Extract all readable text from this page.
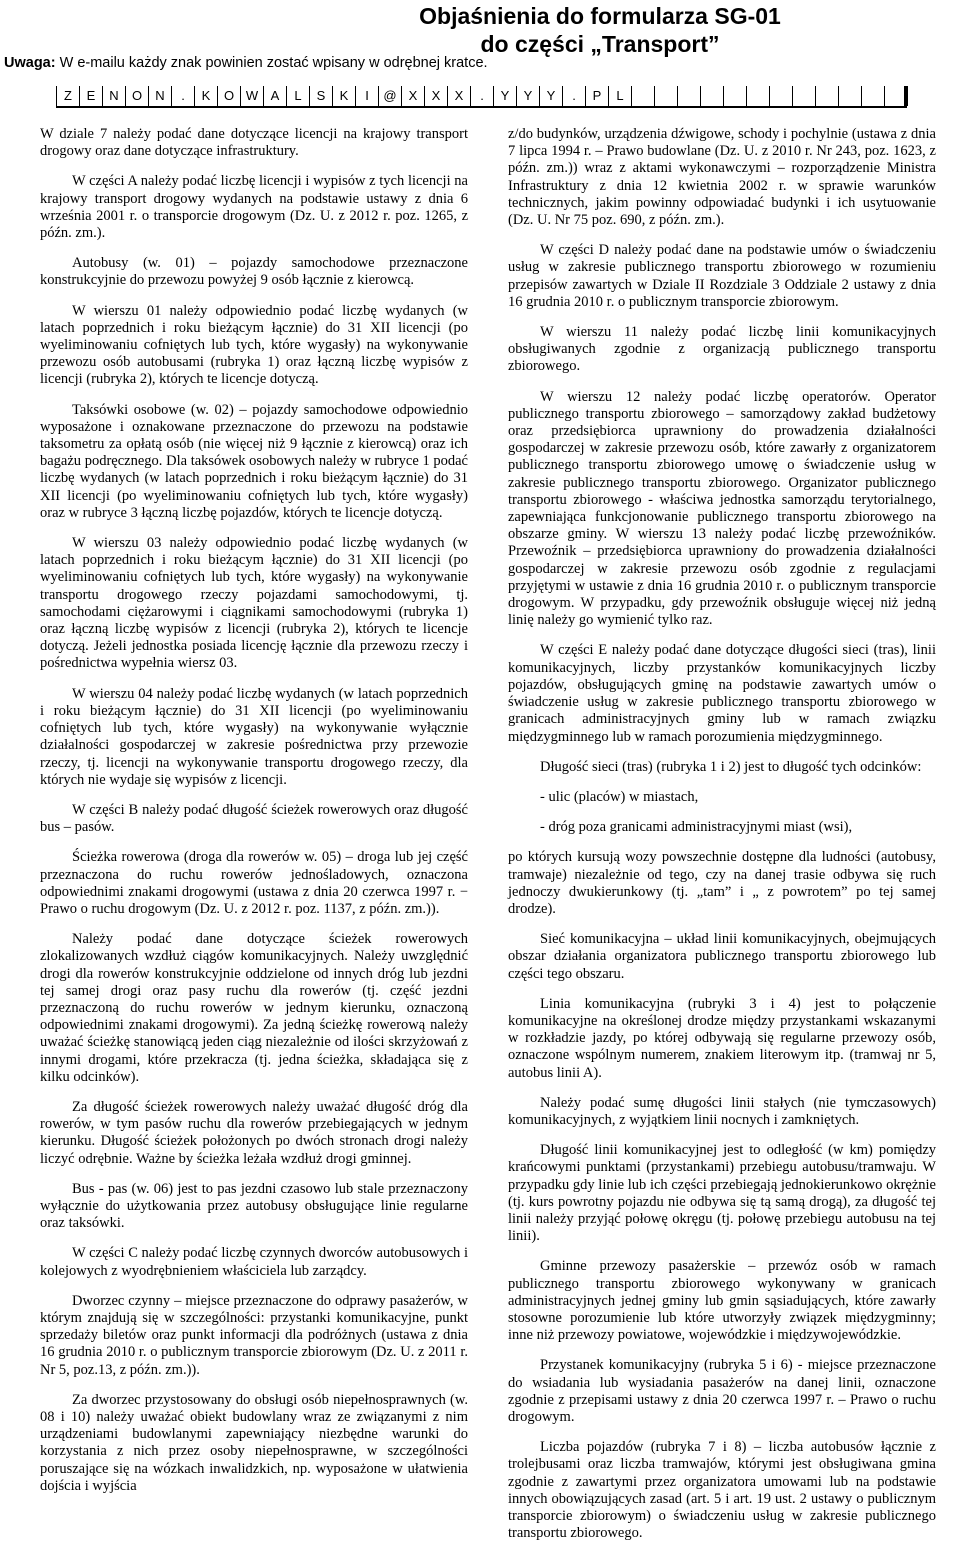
Objaśnienia do formularza SG-01
do części „Transport”
Uwaga: W e-mailu każdy znak powinien zostać wpisany w odrębnej kratce.
Z	E	N	O	N	.	K	O W A	L	S	K	I	@ X	X	X	.	Y	Y	Y	.	P	L

W dziale 7 należy podać dane dotyczące licencji na krajowy transport drogowy oraz dane dotyczące infrastruktury.

W części A należy podać liczbę licencji i wypisów z tych licencji na krajowy transport drogowy wydanych na podstawie ustawy z dnia 6 września 2001 r. o transporcie drogowym (Dz. U. z 2012 r. poz. 1265, z późn. zm.).

Autobusy (w. 01) – pojazdy samochodowe przeznaczone konstrukcyjnie do przewozu powyżej 9 osób łącznie z kierowcą.

W wierszu 01 należy odpowiednio podać liczbę wydanych (w latach poprzednich i roku bieżącym łącznie) do 31 XII licencji (po wyeliminowaniu cofniętych lub tych, które wygasły) na wykonywanie przewozu osób autobusami (rubryka 1) oraz łączną liczbę wypisów z licencji (rubryka 2), których te licencje dotyczą.

Taksówki osobowe (w. 02) – pojazdy samochodowe odpowiednio wyposażone i oznakowane przeznaczone do przewozu na podstawie taksometru za opłatą osób (nie więcej niż 9 łącznie z kierowcą) oraz ich bagażu podręcznego. Dla taksówek osobowych należy w rubryce 1 podać liczbę wydanych (w latach poprzednich i roku bieżącym łącznie) do 31 XII licencji (po wyeliminowaniu cofniętych lub tych, które wygasły) oraz w rubryce 3 łączną liczbę pojazdów, których te licencje dotyczą.

W wierszu 03 należy odpowiednio podać liczbę wydanych (w latach poprzednich i roku bieżącym łącznie) do 31 XII licencji (po wyeliminowaniu cofniętych lub tych, które wygasły) na wykonywanie transportu drogowego rzeczy pojazdami samochodowymi, tj. samochodami ciężarowymi i ciągnikami samochodowymi (rubryka 1) oraz łączną liczbę wypisów z licencji (rubryka 2), których te licencje dotyczą. Jeżeli jednostka posiada licencję łącznie dla przewozu rzeczy i pośrednictwa wypełnia wiersz 03.

W wierszu 04 należy podać liczbę wydanych (w latach poprzednich i roku bieżącym łącznie) do 31 XII licencji (po wyeliminowaniu cofniętych lub tych, które wygasły) na wykonywanie wyłącznie działalności gospodarczej w zakresie pośrednictwa przy przewozie rzeczy, tj. licencji na wykonywanie transportu drogowego rzeczy, dla których nie wydaje się wypisów z licencji.

W części B należy podać długość ścieżek rowerowych oraz długość bus – pasów.

Ścieżka rowerowa (droga dla rowerów w. 05) – droga lub jej część przeznaczona do ruchu rowerów jednośladowych, oznaczona odpowiednimi znakami drogowymi (ustawa z dnia 20 czerwca 1997 r. − Prawo o ruchu drogowym (Dz. U. z 2012 r. poz. 1137, z późn. zm.)).

Należy podać dane dotyczące ścieżek rowerowych zlokalizowanych wzdłuż ciągów komunikacyjnych. Należy uwzględnić drogi dla rowerów konstrukcyjnie oddzielone od innych dróg lub jezdni tej samej drogi oraz pasy ruchu dla rowerów (tj. część jezdni przeznaczoną do ruchu rowerów w jednym kierunku, oznaczoną odpowiednimi znakami drogowymi). Za jedną ścieżkę rowerową należy uważać ścieżkę stanowiącą jeden ciąg niezależnie od ilości skrzyżowań z innymi drogami, które przekracza (tj. jedna ścieżka, składająca się z kilku odcinków).

Za długość ścieżek rowerowych należy uważać długość dróg dla rowerów, w tym pasów ruchu dla rowerów przebiegających w jednym kierunku. Długość ścieżek położonych po dwóch stronach drogi należy liczyć odrębnie. Ważne by ścieżka leżała wzdłuż drogi gminnej.

Bus - pas (w. 06) jest to pas jezdni czasowo lub stale przeznaczony wyłącznie do użytkowania przez autobusy obsługujące linie regularne oraz taksówki.

W części C należy podać liczbę czynnych dworców autobusowych i kolejowych z wyodrębnieniem właściciela lub zarządcy.

Dworzec czynny – miejsce przeznaczone do odprawy pasażerów, w którym znajdują się w szczególności: przystanki komunikacyjne, punkt sprzedaży biletów oraz punkt informacji dla podróżnych (ustawa z dnia 16 grudnia 2010 r. o publicznym transporcie zbiorowym (Dz. U. z 2011 r. Nr 5, poz.13, z późn. zm.)).

Za dworzec przystosowany do obsługi osób niepełnosprawnych (w. 08 i 10) należy uważać obiekt budowlany wraz ze związanymi z nim urządzeniami budowlanymi zapewniający niezbędne warunki do korzystania z nich przez osoby niepełnosprawne, w szczególności poruszające się na wózkach inwalidzkich, np. wyposażone w ułatwienia dojścia i wyjścia

z/do budynków, urządzenia dźwigowe, schody i pochylnie (ustawa z dnia 7 lipca 1994 r. – Prawo budowlane (Dz. U. z 2010 r. Nr 243, poz. 1623, z późn. zm.)) wraz z aktami wykonawczymi – rozporządzenie Ministra Infrastruktury z dnia 12 kwietnia 2002 r. w sprawie warunków technicznych, jakim powinny odpowiadać budynki i ich usytuowanie (Dz. U. Nr 75 poz. 690, z późn. zm.).

W części D należy podać dane na podstawie umów o świadczeniu usług w zakresie publicznego transportu zbiorowego w rozumieniu przepisów zawartych w Dziale II Rozdziale 3 Oddziale 2 ustawy z dnia 16 grudnia 2010 r. o publicznym transporcie zbiorowym.

W wierszu 11 należy podać liczbę linii komunikacyjnych obsługiwanych zgodnie z organizacją publicznego transportu zbiorowego.

W wierszu 12 należy podać liczbę operatorów. Operator publicznego transportu zbiorowego – samorządowy zakład budżetowy oraz przedsiębiorca uprawniony do prowadzenia działalności gospodarczej w zakresie przewozu osób, które zawarły z organizatorem publicznego transportu zbiorowego umowę o świadczenie usług w zakresie publicznego transportu zbiorowego. Organizator publicznego transportu zbiorowego - właściwa jednostka samorządu terytorialnego, zapewniająca funkcjonowanie publicznego transportu zbiorowego na obszarze gminy. W wierszu 13 należy podać liczbę przewoźników. Przewoźnik – przedsiębiorca uprawniony do prowadzenia działalności gospodarczej w zakresie przewozu osób zgodnie z regulacjami przyjętymi w ustawie z dnia 16 grudnia 2010 r. o publicznym transporcie drogowym. W przypadku, gdy przewoźnik obsługuje więcej niż jedną linię należy go wymienić tylko raz.

W części E należy podać dane dotyczące długości sieci (tras), linii komunikacyjnych, liczby przystanków komunikacyjnych liczby pojazdów, obsługujących gminę na podstawie zawartych umów o świadczenie usług w zakresie publicznego transportu zbiorowego w granicach administracyjnych gminy lub w ramach związku międzygminnego lub w ramach porozumienia międzygminnego.

Długość sieci (tras) (rubryka 1 i 2) jest to długość tych odcinków:

- ulic (placów) w miastach,

- dróg poza granicami administracyjnymi miast (wsi),

po których kursują wozy powszechnie dostępne dla ludności (autobusy, tramwaje) niezależnie od tego, czy na danej trasie odbywa się ruch jednoczy dwukierunkowy (tj. „tam” i „ z powrotem” po tej samej drodze).

Sieć komunikacyjna – układ linii komunikacyjnych, obejmujących obszar działania organizatora publicznego transportu zbiorowego lub części tego obszaru.

Linia komunikacyjna (rubryki 3 i 4) jest to połączenie komunikacyjne na określonej drodze między przystankami wskazanymi w rozkładzie jazdy, po której odbywają się regularne przewozy osób, oznaczone wspólnym numerem, znakiem literowym itp. (tramwaj nr 5, autobus linii A).

Należy podać sumę długości linii stałych (nie tymczasowych) komunikacyjnych, z wyjątkiem linii nocnych i zamkniętych.

Długość linii komunikacyjnej jest to odległość (w km) pomiędzy krańcowymi punktami (przystankami) przebiegu autobusu/tramwaju. W przypadku gdy linie lub ich części przebiegają jednokierunkowo okrężnie (tj. kurs powrotny pojazdu nie odbywa się tą samą drogą), za długość tej linii należy przyjąć połowę okręgu (tj. połowę przebiegu autobusu na tej linii).

Gminne przewozy pasażerskie – przewóz osób w ramach publicznego transportu zbiorowego wykonywany w granicach administracyjnych jednej gminy lub gmin sąsiadujących, które zawarły stosowne porozumienie lub które utworzyły związek międzygminny; inne niż przewozy powiatowe, wojewódzkie i międzywojewódzkie.

Przystanek komunikacyjny (rubryka 5 i 6) - miejsce przeznaczone do wsiadania lub wysiadania pasażerów na danej linii, oznaczone zgodnie z przepisami ustawy z dnia 20 czerwca 1997 r. – Prawo o ruchu drogowym.

Liczba pojazdów (rubryka 7 i 8) – liczba autobusów łącznie z trolejbusami oraz liczba tramwajów, którymi jest obsługiwana gmina zgodnie z zawartymi przez organizatora umowami lub na podstawie innych obowiązujących zasad (art. 5 i art. 19 ust. 2 ustawy o publicznym transporcie zbiorowym) o świadczeniu usług w zakresie publicznego transportu zbiorowego.
